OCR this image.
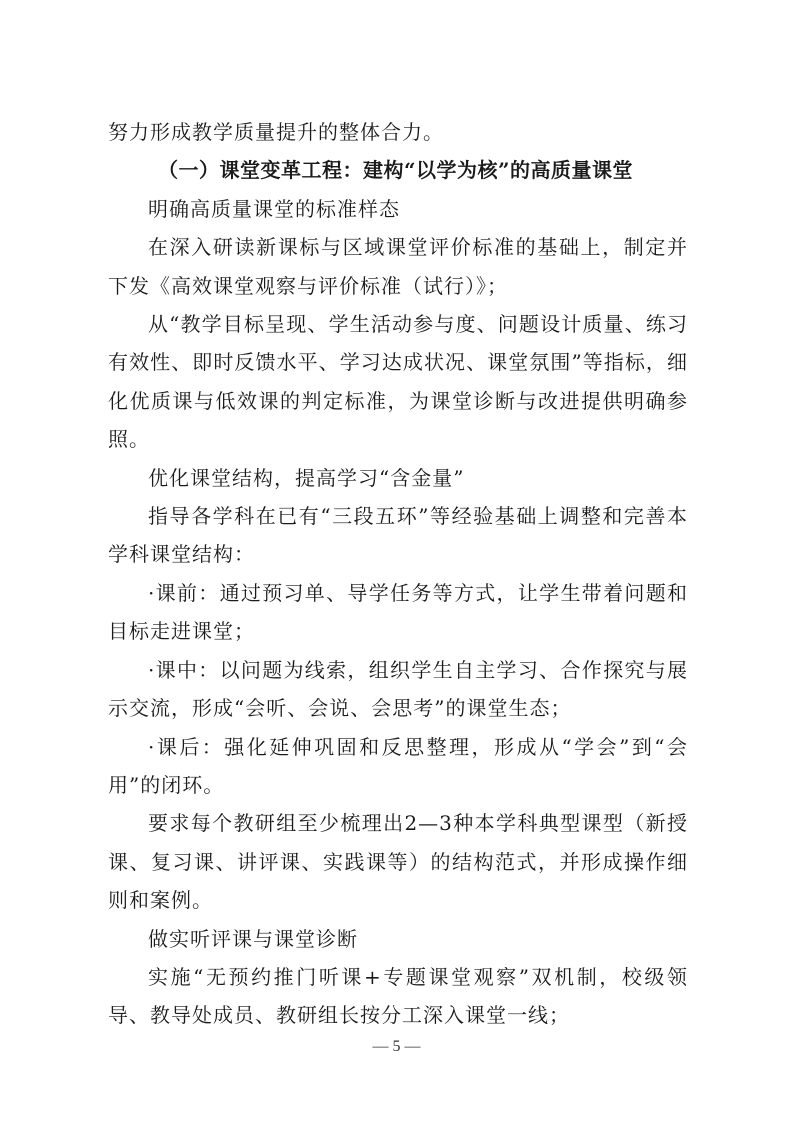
努力形成教学质量提升的整体合力。

（一）课堂变革工程：建构“以学为核”的高质量课堂

明确高质量课堂的标准样态

在深入研读新课标与区域课堂评价标准的基础上，制定并下发《高效课堂观察与评价标准（试行）》；

从“教学目标呈现、学生活动参与度、问题设计质量、练习有效性、即时反馈水平、学习达成状况、课堂氛围”等指标，细化优质课与低效课的判定标准，为课堂诊断与改进提供明确参照。

优化课堂结构，提高学习“含金量”

指导各学科在已有“三段五环”等经验基础上调整和完善本学科课堂结构：

·课前：通过预习单、导学任务等方式，让学生带着问题和目标走进课堂；

·课中：以问题为线索，组织学生自主学习、合作探究与展示交流，形成“会听、会说、会思考”的课堂生态；

·课后：强化延伸巩固和反思整理，形成从“学会”到“会用”的闭环。

要求每个教研组至少梳理出2—3种本学科典型课型（新授课、复习课、讲评课、实践课等）的结构范式，并形成操作细则和案例。

做实听评课与课堂诊断

实施“无预约推门听课+专题课堂观察”双机制，校级领导、教导处成员、教研组长按分工深入课堂一线；

— 5 —
